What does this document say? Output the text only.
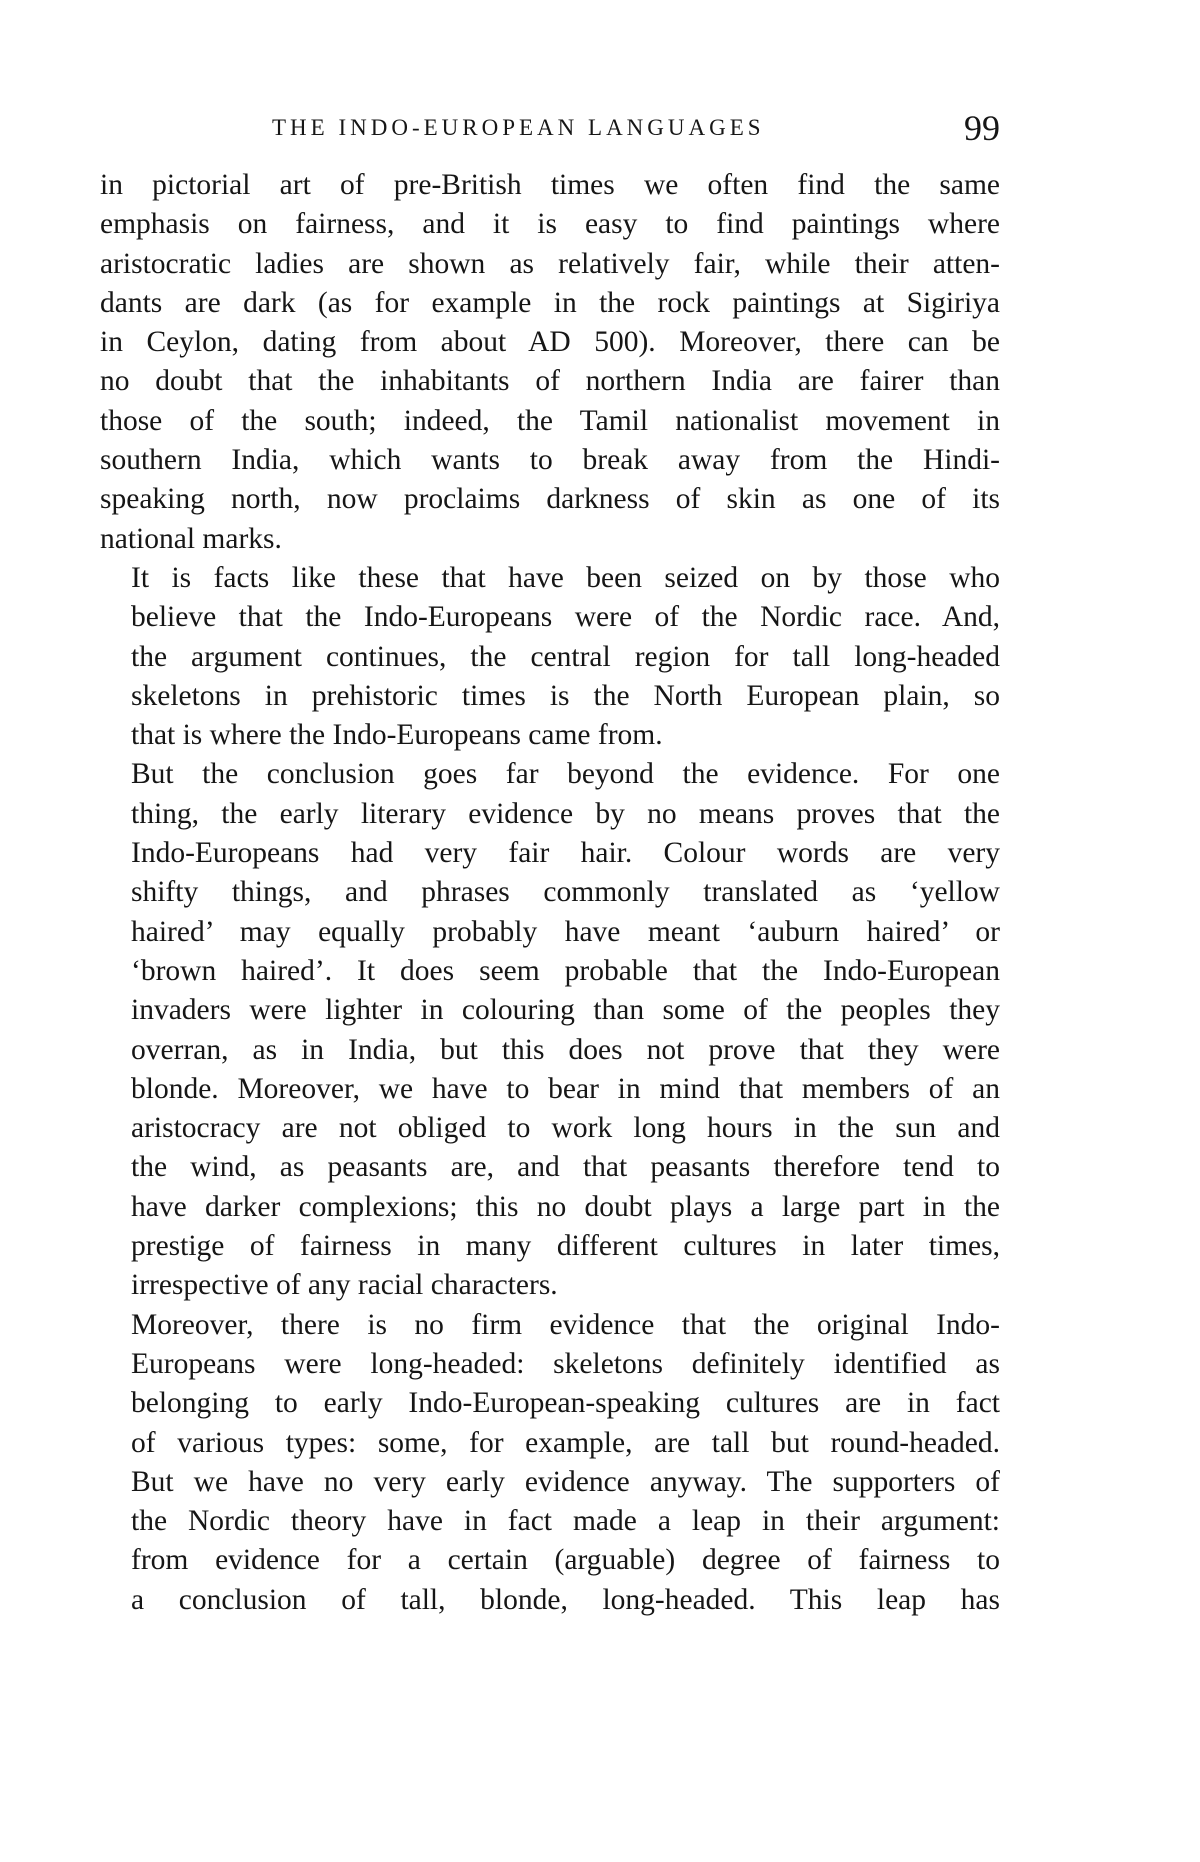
THE INDO-EUROPEAN LANGUAGES	99

in pictorial art of pre-British times we often find the same
emphasis on fairness, and it is easy to find paintings where
aristocratic ladies are shown as relatively fair, while their atten-
dants are dark (as for example in the rock paintings at Sigiriya
in Ceylon, dating from about AD 500). Moreover, there can be
no doubt that the inhabitants of northern India are fairer than
those of the south; indeed, the Tamil nationalist movement in
southern India, which wants to break away from the Hindi-
speaking north, now proclaims darkness of skin as one of its
national marks.

It is facts like these that have been seized on by those who
believe that the Indo-Europeans were of the Nordic race. And,
the argument continues, the central region for tall long-headed
skeletons in prehistoric times is the North European plain, so
that is where the Indo-Europeans came from.

But the conclusion goes far beyond the evidence. For one
thing, the early literary evidence by no means proves that the
Indo-Europeans had very fair hair. Colour words are very
shifty things, and phrases commonly translated as ‘yellow
haired’ may equally probably have meant ‘auburn haired’ or
‘brown haired’. It does seem probable that the Indo-European
invaders were lighter in colouring than some of the peoples they
overran, as in India, but this does not prove that they were
blonde. Moreover, we have to bear in mind that members of an
aristocracy are not obliged to work long hours in the sun and
the wind, as peasants are, and that peasants therefore tend to
have darker complexions; this no doubt plays a large part in the
prestige of fairness in many different cultures in later times,
irrespective of any racial characters.

Moreover, there is no firm evidence that the original Indo-
Europeans were long-headed: skeletons definitely identified as
belonging to early Indo-European-speaking cultures are in fact
of various types: some, for example, are tall but round-headed.
But we have no very early evidence anyway. The supporters of
the Nordic theory have in fact made a leap in their argument:
from evidence for a certain (arguable) degree of fairness to
a conclusion of tall, blonde, long-headed. This leap has
